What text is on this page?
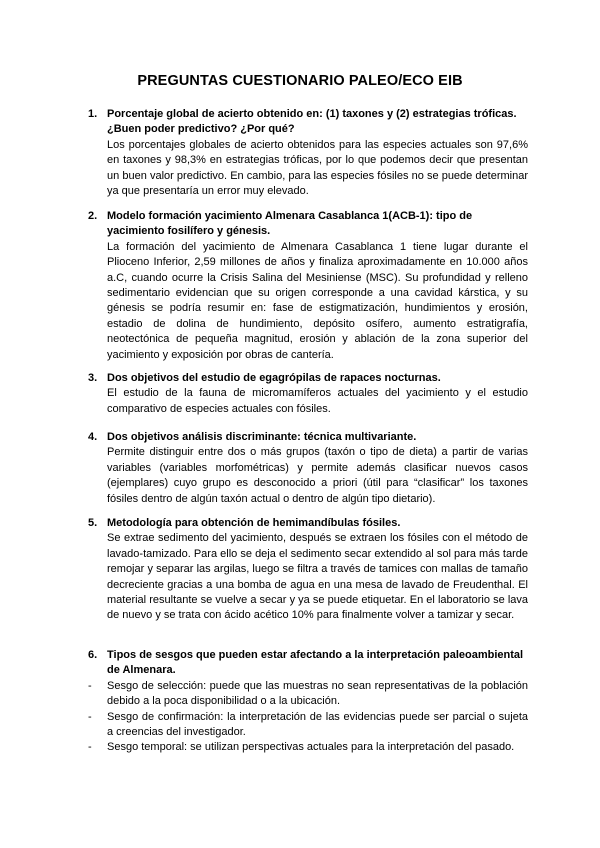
PREGUNTAS CUESTIONARIO PALEO/ECO EIB
1. Porcentaje global de acierto obtenido en: (1) taxones y (2) estrategias tróficas. ¿Buen poder predictivo? ¿Por qué?
Los porcentajes globales de acierto obtenidos para las especies actuales son 97,6% en taxones y 98,3% en estrategias tróficas, por lo que podemos decir que presentan un buen valor predictivo. En cambio, para las especies fósiles no se puede determinar ya que presentaría un error muy elevado.
2. Modelo formación yacimiento Almenara Casablanca 1(ACB-1): tipo de yacimiento fosilífero y génesis.
La formación del yacimiento de Almenara Casablanca 1 tiene lugar durante el Plioceno Inferior, 2,59 millones de años y finaliza aproximadamente en 10.000 años a.C, cuando ocurre la Crisis Salina del Mesiniense (MSC). Su profundidad y relleno sedimentario evidencian que su origen corresponde a una cavidad kárstica, y su génesis se podría resumir en: fase de estigmatización, hundimientos y erosión, estadio de dolina de hundimiento, depósito osífero, aumento estratigrafía, neotectónica de pequeña magnitud, erosión y ablación de la zona superior del yacimiento y exposición por obras de cantería.
3. Dos objetivos del estudio de egagrópilas de rapaces nocturnas.
El estudio de la fauna de micromamíferos actuales del yacimiento y el estudio comparativo de especies actuales con fósiles.
4. Dos objetivos análisis discriminante: técnica multivariante.
Permite distinguir entre dos o más grupos (taxón o tipo de dieta) a partir de varias variables (variables morfométricas) y permite además clasificar nuevos casos (ejemplares) cuyo grupo es desconocido a priori (útil para “clasificar” los taxones fósiles dentro de algún taxón actual o dentro de algún tipo dietario).
5. Metodología para obtención de hemimandíbulas fósiles.
Se extrae sedimento del yacimiento, después se extraen los fósiles con el método de lavado-tamizado. Para ello se deja el sedimento secar extendido al sol para más tarde remojar y separar las argilas, luego se filtra a través de tamices con mallas de tamaño decreciente gracias a una bomba de agua en una mesa de lavado de Freudenthal. El material resultante se vuelve a secar y ya se puede etiquetar. En el laboratorio se lava de nuevo y se trata con ácido acético 10% para finalmente volver a tamizar y secar.
6. Tipos de sesgos que pueden estar afectando a la interpretación paleoambiental de Almenara.
- Sesgo de selección: puede que las muestras no sean representativas de la población debido a la poca disponibilidad o a la ubicación.
- Sesgo de confirmación: la interpretación de las evidencias puede ser parcial o sujeta a creencias del investigador.
- Sesgo temporal: se utilizan perspectivas actuales para la interpretación del pasado.
